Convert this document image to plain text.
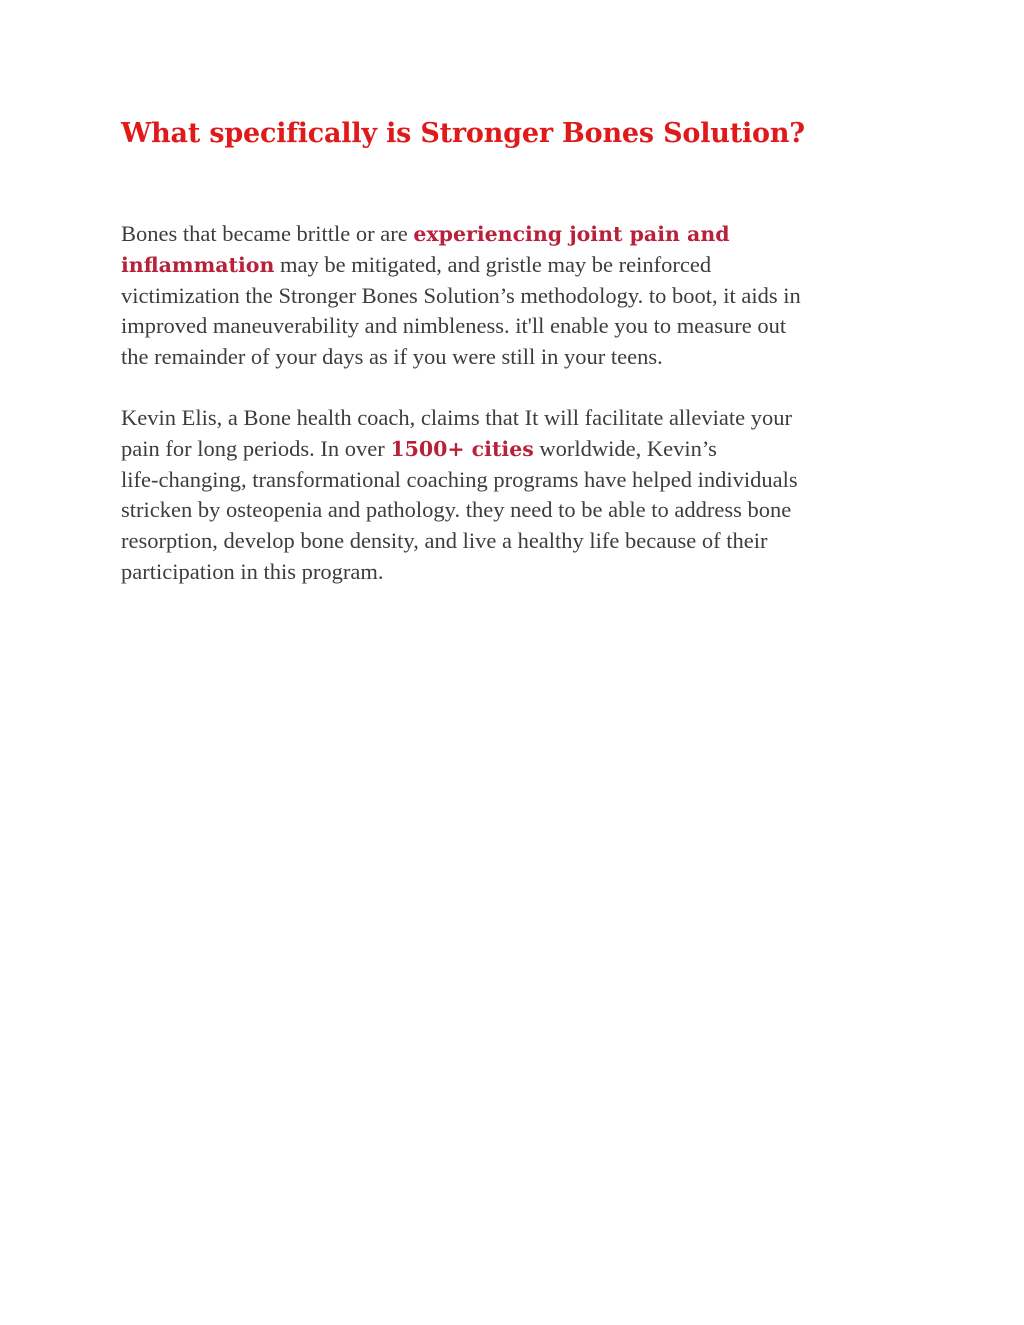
What specifically is Stronger Bones Solution?

Bones that became brittle or are experiencing joint pain and
inflammation may be mitigated, and gristle may be reinforced
victimization the Stronger Bones Solution’s methodology. to boot, it aids in
improved maneuverability and nimbleness. it'll enable you to measure out
the remainder of your days as if you were still in your teens.

Kevin Elis, a Bone health coach, claims that It will facilitate alleviate your
pain for long periods. In over 1500+ cities worldwide, Kevin’s
life-changing, transformational coaching programs have helped individuals
stricken by osteopenia and pathology. they need to be able to address bone
resorption, develop bone density, and live a healthy life because of their
participation in this program.
